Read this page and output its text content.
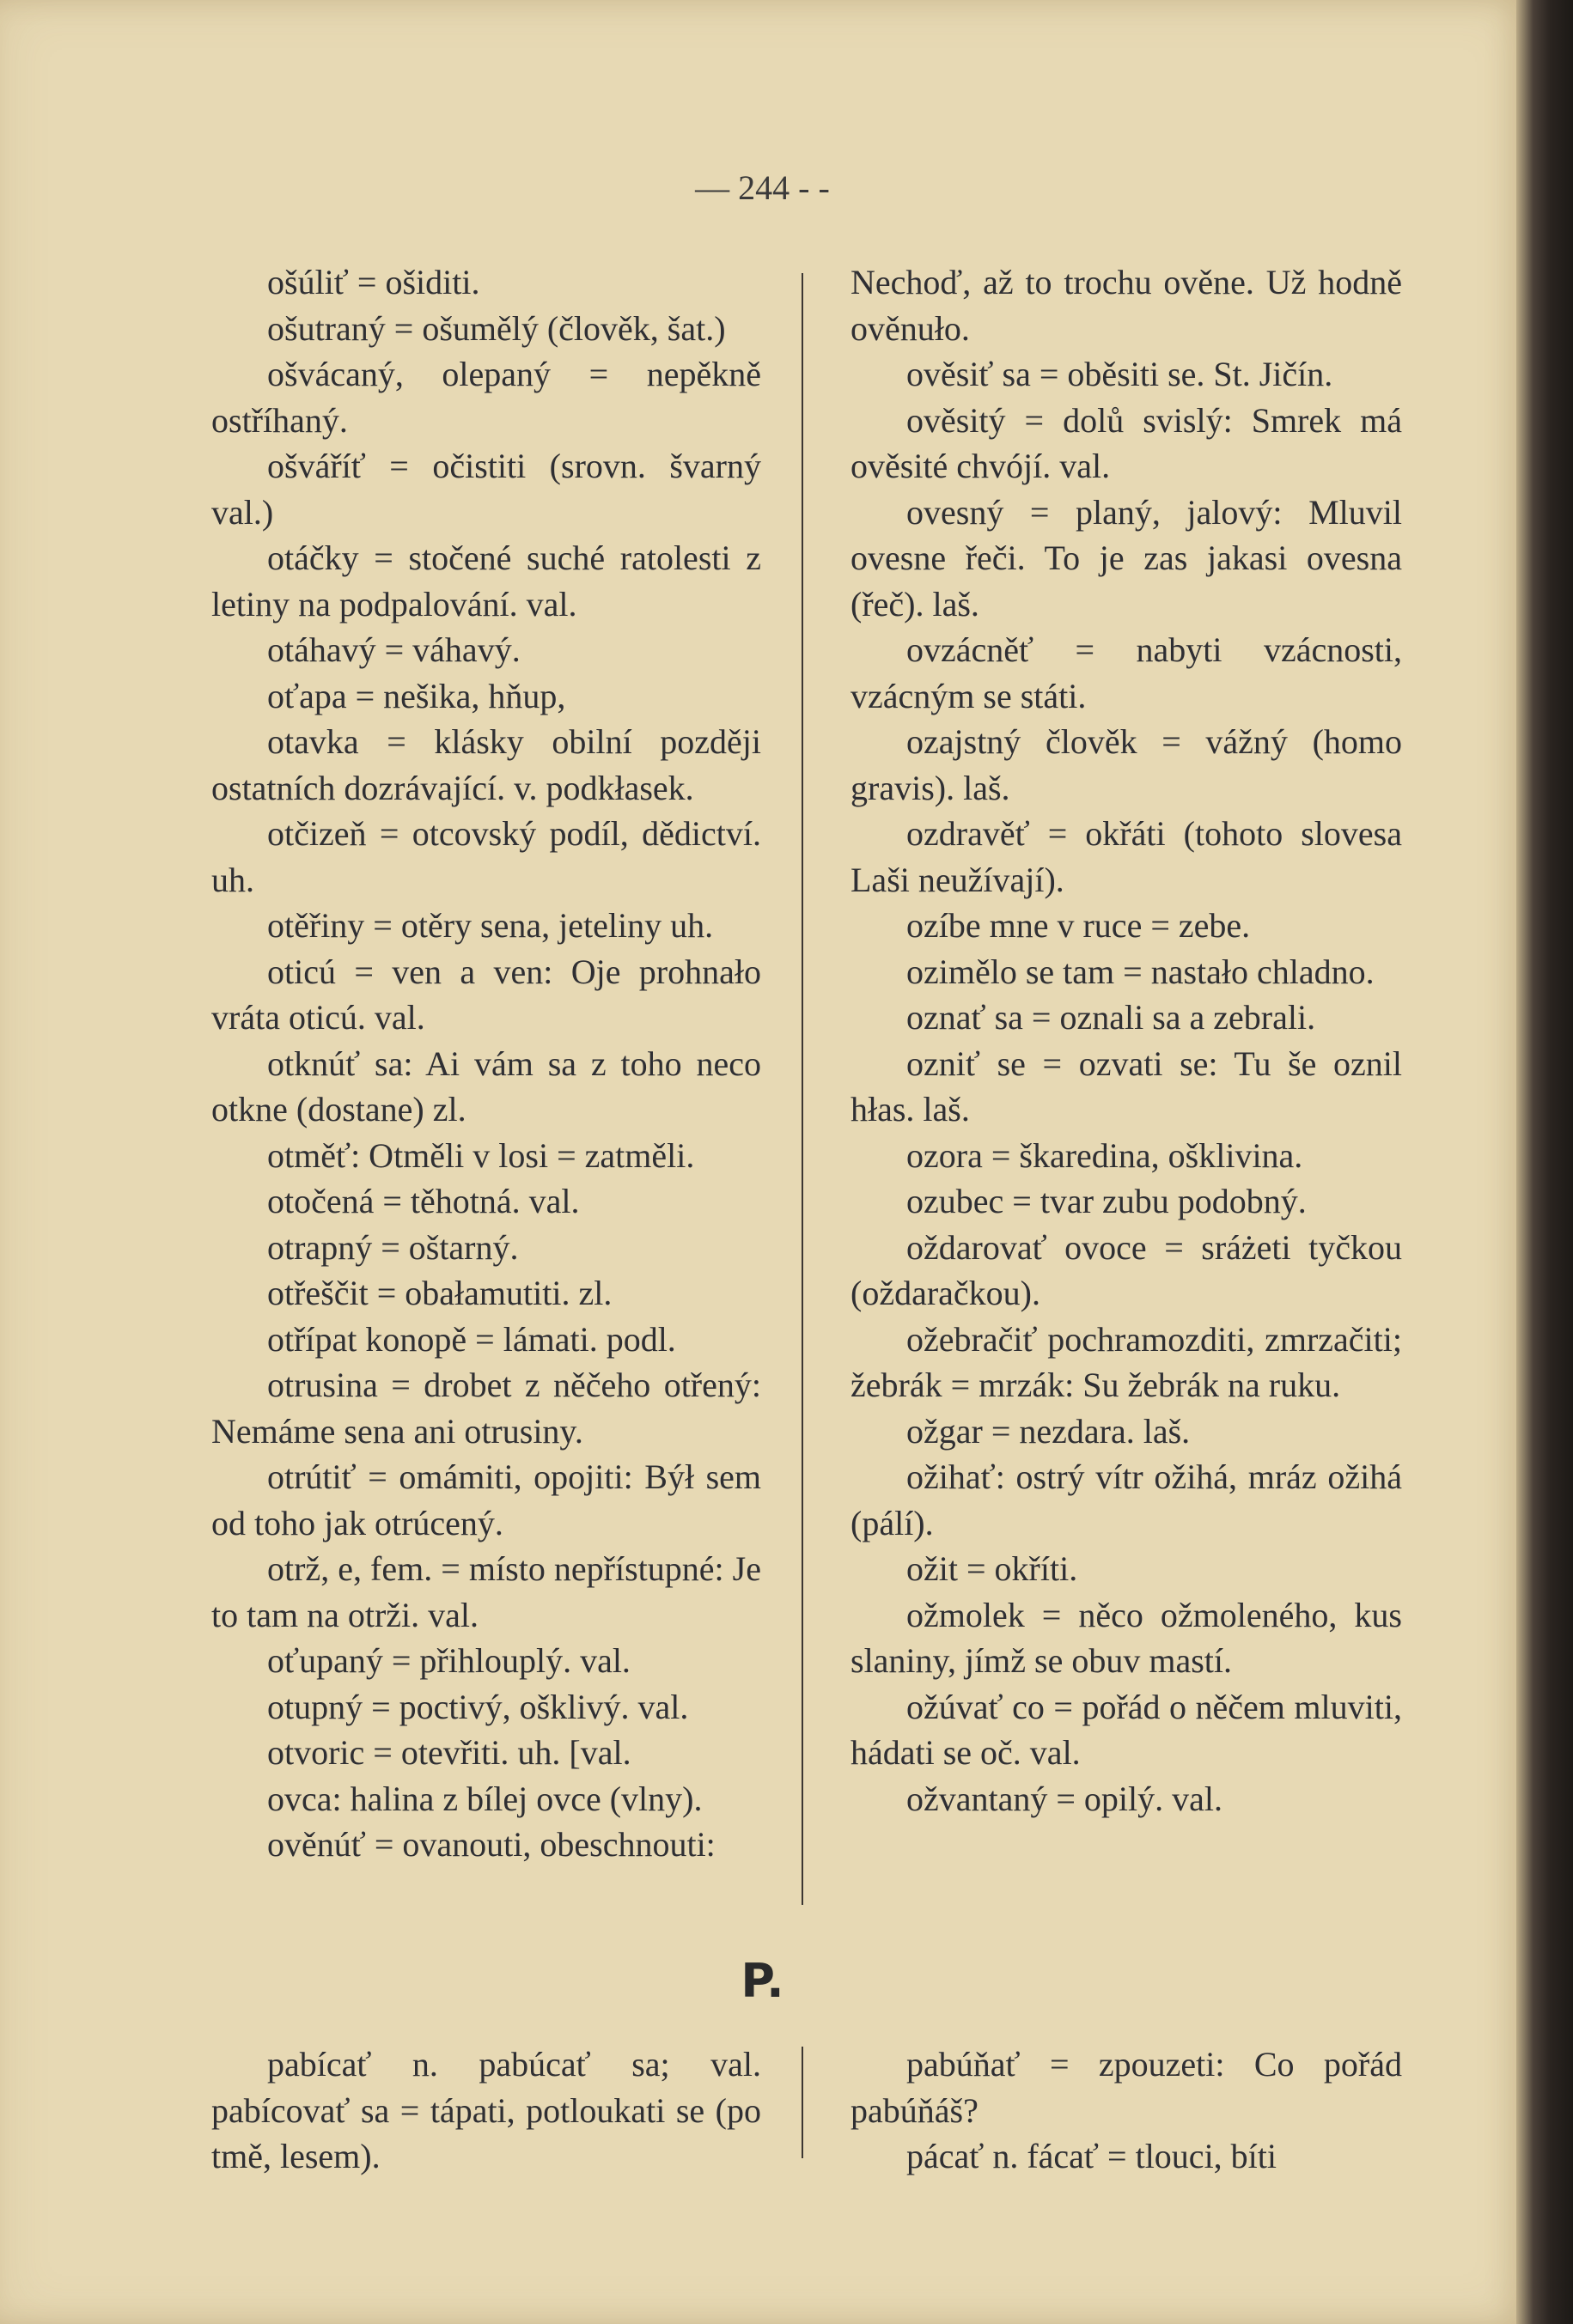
— 244 - -

ošúliť = ošiditi.

ošutraný = ošumělý (člověk, šat.)

ošvácaný, olepaný = nepěkně ostříhaný.

ošváříť = očistiti (srovn. švarný val.)

otáčky = stočené suché ratolesti z letiny na podpalování. val.

otáhavý = váhavý.

oťapa = nešika, hňup,

otavka = klásky obilní později ostatních dozrávající. v. podkłasek.

otčizeň = otcovský podíl, dědictví. uh.

otěřiny = otěry sena, jeteliny uh.

oticú = ven a ven: Oje prohnało vráta oticú. val.

otknúť sa: Ai vám sa z toho neco otkne (dostane) zl.

otměť: Otměli v losi = zatměli.

otočená = těhotná. val.

otrapný = oštarný.

otřeščit = obałamutiti. zl.

otřípat konopě = lámati. podl.

otrusina = drobet z něčeho otřený: Nemáme sena ani otrusiny.

otrútiť = omámiti, opojiti: Býł sem od toho jak otrúcený.

otrž, e, fem. = místo nepřístupné: Je to tam na otrži. val.

oťupaný = přihlouplý. val.

otupný = poctivý, ošklivý. val.

otvoric = otevřiti. uh. [val.

ovca: halina z bílej ovce (vlny).

ověnúť = ovanouti, obeschnouti:

Nechoď, až to trochu ověne. Už hodně ověnuło.

ověsiť sa = oběsiti se. St. Jičín.

ověsitý = dolů svislý: Smrek má ověsité chvójí. val.

ovesný = planý, jalový: Mluvil ovesne řeči. To je zas jakasi ovesna (řeč). laš.

ovzácněť = nabyti vzácnosti, vzácným se státi.

ozajstný člověk = vážný (homo gravis). laš.

ozdravěť = okřáti (tohoto slovesa Laši neužívají).

ozíbe mne v ruce = zebe.

ozimělo se tam = nastało chladno.

oznať sa = oznali sa a zebrali.

ozniť se = ozvati se: Tu še oznil hłas. laš.

ozora = škaredina, ošklivina.

ozubec = tvar zubu podobný.

oždarovať ovoce = sráżeti tyčkou (oždaračkou).

ožebračiť pochramozditi, zmrzačiti; žebrák = mrzák: Su žebrák na ruku.

ožgar = nezdara. laš.

ožihať: ostrý vítr ožihá, mráz ožihá (pálí).

ožit = okříti.

ožmolek = něco ožmoleného, kus slaniny, jímž se obuv mastí.

ožúvať co = pořád o něčem mluviti, hádati se oč. val.

ožvantaný = opilý. val.

P.

pabícať n. pabúcať sa; val. pabícovať sa = tápati, potloukati se (po tmě, lesem).

pabúňať = zpouzeti: Co pořád pabúňáš?

pácať n. fácať = tlouci, bíti
